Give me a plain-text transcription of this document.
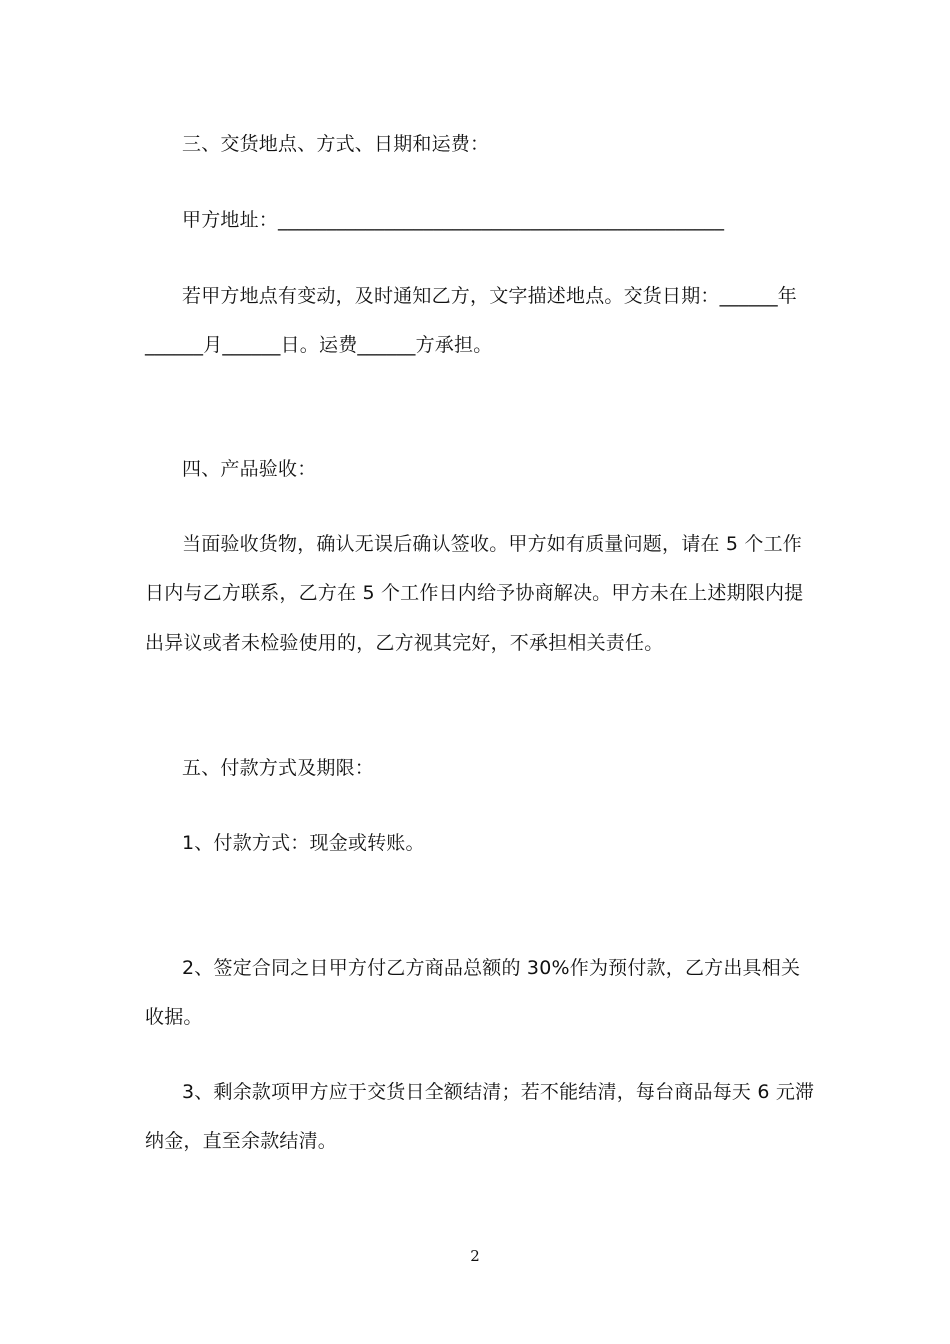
三、交货地点、方式、日期和运费：
甲方地址：______________________________________________
若甲方地点有变动，及时通知乙方，文字描述地点。交货日期：______年
______月______日。运费______方承担。
四、产品验收：
当面验收货物，确认无误后确认签收。甲方如有质量问题，请在 5 个工作
日内与乙方联系，乙方在 5 个工作日内给予协商解决。甲方未在上述期限内提
出异议或者未检验使用的，乙方视其完好，不承担相关责任。
五、付款方式及期限：
1、付款方式：现金或转账。
2、签定合同之日甲方付乙方商品总额的 30%作为预付款，乙方出具相关
收据。
3、剩余款项甲方应于交货日全额结清；若不能结清，每台商品每天 6 元滞
纳金，直至余款结清。
2
